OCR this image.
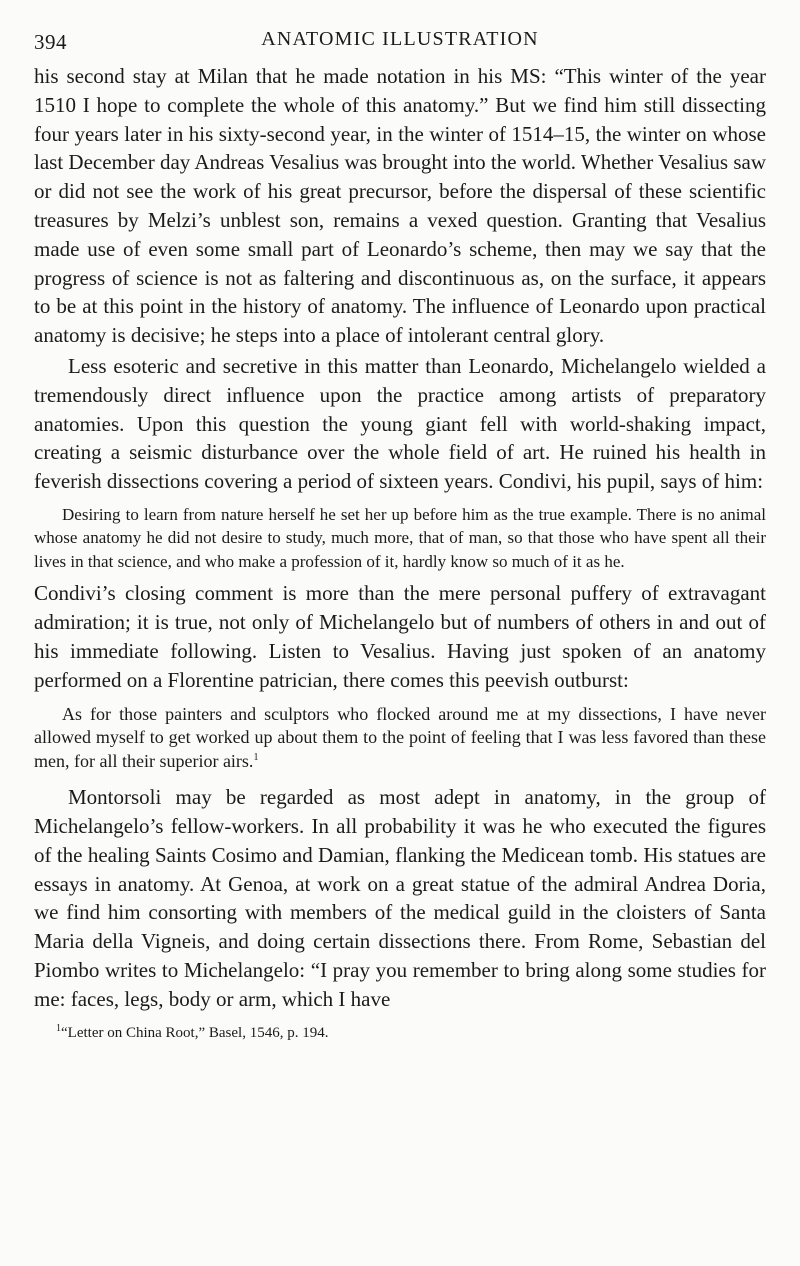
394	ANATOMIC ILLUSTRATION

his second stay at Milan that he made notation in his MS: “This winter of the year 1510 I hope to complete the whole of this anatomy.” But we find him still dissecting four years later in his sixty-second year, in the winter of 1514–15, the winter on whose last December day Andreas Vesalius was brought into the world. Whether Vesalius saw or did not see the work of his great precursor, before the dispersal of these scientific treasures by Melzi’s unblest son, remains a vexed question. Granting that Vesalius made use of even some small part of Leonardo’s scheme, then may we say that the progress of science is not as faltering and discontinuous as, on the surface, it appears to be at this point in the history of anatomy. The influence of Leonardo upon practical anatomy is decisive; he steps into a place of intolerant central glory.

Less esoteric and secretive in this matter than Leonardo, Michelangelo wielded a tremendously direct influence upon the practice among artists of preparatory anatomies. Upon this question the young giant fell with world-shaking impact, creating a seismic disturbance over the whole field of art. He ruined his health in feverish dissections covering a period of sixteen years. Condivi, his pupil, says of him:

Desiring to learn from nature herself he set her up before him as the true example. There is no animal whose anatomy he did not desire to study, much more, that of man, so that those who have spent all their lives in that science, and who make a profession of it, hardly know so much of it as he.

Condivi’s closing comment is more than the mere personal puffery of extravagant admiration; it is true, not only of Michelangelo but of numbers of others in and out of his immediate following. Listen to Vesalius. Having just spoken of an anatomy performed on a Florentine patrician, there comes this peevish outburst:

As for those painters and sculptors who flocked around me at my dissections, I have never allowed myself to get worked up about them to the point of feeling that I was less favored than these men, for all their superior airs.$^1$

Montorsoli may be regarded as most adept in anatomy, in the group of Michelangelo’s fellow-workers. In all probability it was he who executed the figures of the healing Saints Cosimo and Damian, flanking the Medicean tomb. His statues are essays in anatomy. At Genoa, at work on a great statue of the admiral Andrea Doria, we find him consorting with members of the medical guild in the cloisters of Santa Maria della Vigneis, and doing certain dissections there. From Rome, Sebastian del Piombo writes to Michelangelo: “I pray you remember to bring along some studies for me: faces, legs, body or arm, which I have

$^1$“Letter on China Root,” Basel, 1546, p. 194.
